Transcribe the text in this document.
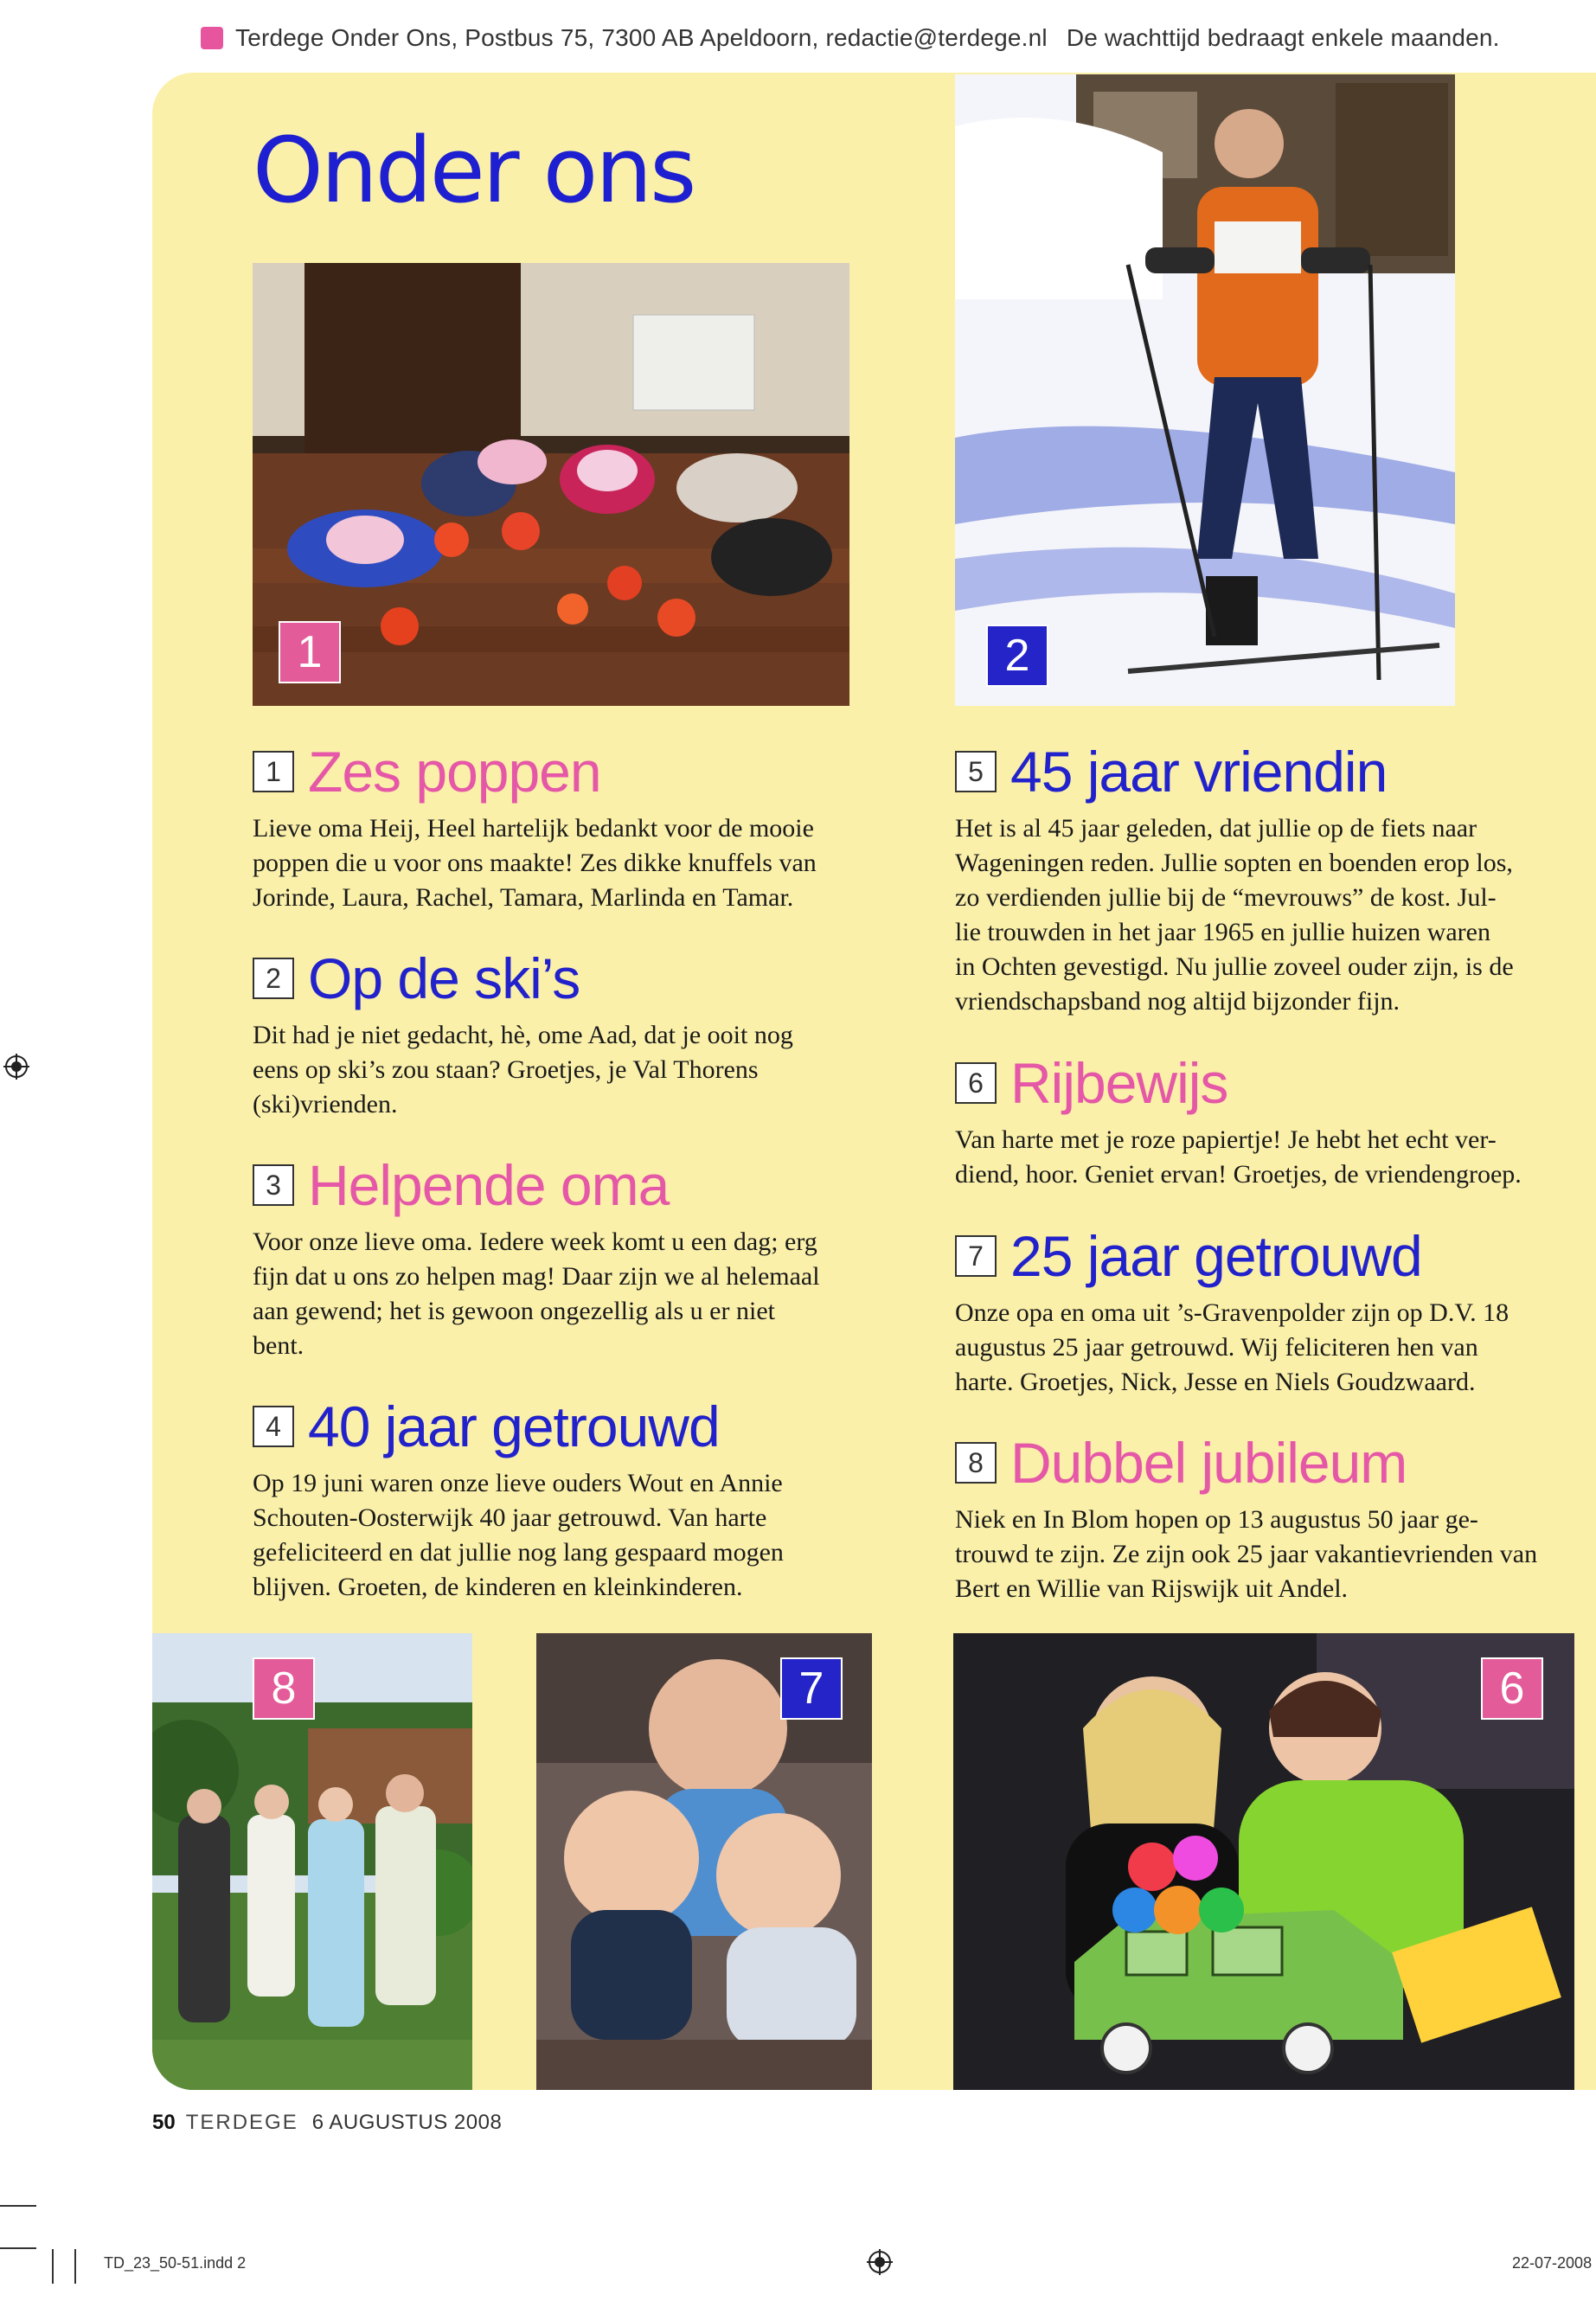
Terdege Onder Ons, Postbus 75, 7300 AB Apeldoorn, redactie@terdege.nl De wachttijd bedraagt enkele maanden.
Onder ons
1	2
1 Zes poppen
Lieve oma Heij, Heel hartelijk bedankt voor de mooie
poppen die u voor ons maakte! Zes dikke knuffels van
Jorinde, Laura, Rachel, Tamara, Marlinda en Tamar.
2 Op de ski’s
Dit had je niet gedacht, hè, ome Aad, dat je ooit nog
eens op ski’s zou staan? Groetjes, je Val Thorens
(ski)vrienden.
3 Helpende oma
Voor onze lieve oma. Iedere week komt u een dag; erg
fijn dat u ons zo helpen mag! Daar zijn we al helemaal
aan gewend; het is gewoon ongezellig als u er niet
bent.
4 40 jaar getrouwd
Op 19 juni waren onze lieve ouders Wout en Annie
Schouten-Oosterwijk 40 jaar getrouwd. Van harte
gefeliciteerd en dat jullie nog lang gespaard mogen
blijven. Groeten, de kinderen en kleinkinderen.
5 45 jaar vriendin
Het is al 45 jaar geleden, dat jullie op de fiets naar
Wageningen reden. Jullie sopten en boenden erop los,
zo verdienden jullie bij de “mevrouws” de kost. Jul-
lie trouwden in het jaar 1965 en jullie huizen waren
in Ochten gevestigd. Nu jullie zoveel ouder zijn, is de
vriendschapsband nog altijd bijzonder fijn.
6 Rijbewijs
Van harte met je roze papiertje! Je hebt het echt ver-
diend, hoor. Geniet ervan! Groetjes, de vriendengroep.
7 25 jaar getrouwd
Onze opa en oma uit ’s-Gravenpolder zijn op D.V. 18
augustus 25 jaar getrouwd. Wij feliciteren hen van
harte. Groetjes, Nick, Jesse en Niels Goudzwaard.
8 Dubbel jubileum
Niek en In Blom hopen op 13 augustus 50 jaar ge-
trouwd te zijn. Ze zijn ook 25 jaar vakantievrienden van
Bert en Willie van Rijswijk uit Andel.
8	7	6
50 TERDEGE 6 AUGUSTUS 2008
TD_23_50-51.indd 2	22-07-2008
